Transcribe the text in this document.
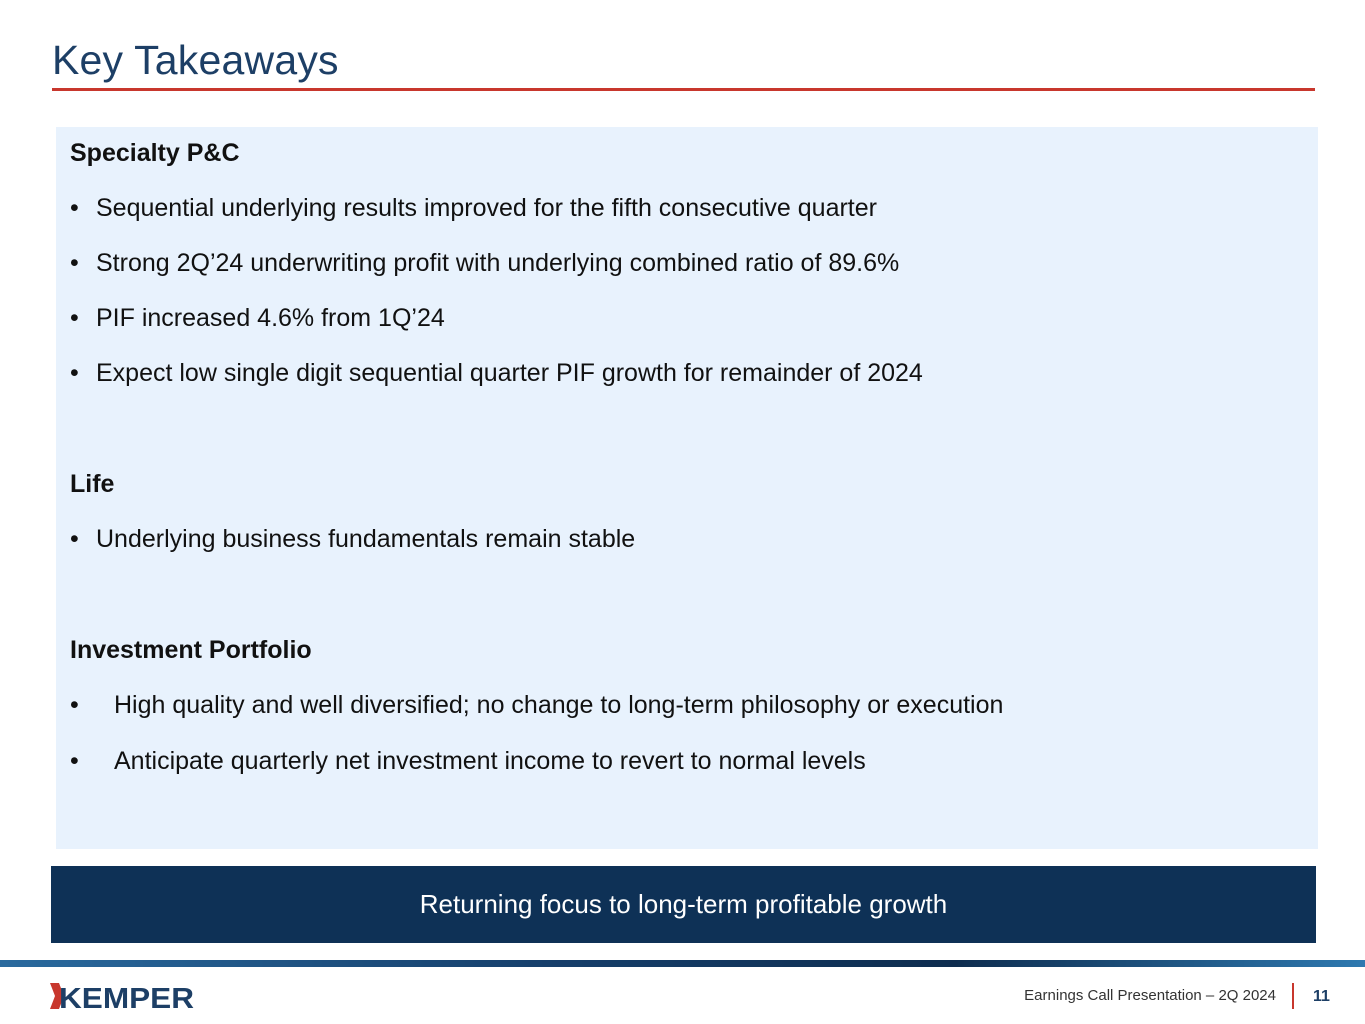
Key Takeaways
Specialty P&C
• Sequential underlying results improved for the fifth consecutive quarter
• Strong 2Q’24 underwriting profit with underlying combined ratio of 89.6%
• PIF increased 4.6% from 1Q’24
• Expect low single digit sequential quarter PIF growth for remainder of 2024
Life
• Underlying business fundamentals remain stable
Investment Portfolio
• High quality and well diversified; no change to long-term philosophy or execution
• Anticipate quarterly net investment income to revert to normal levels
Returning focus to long-term profitable growth
KEMPER	Earnings Call Presentation – 2Q 2024 11
